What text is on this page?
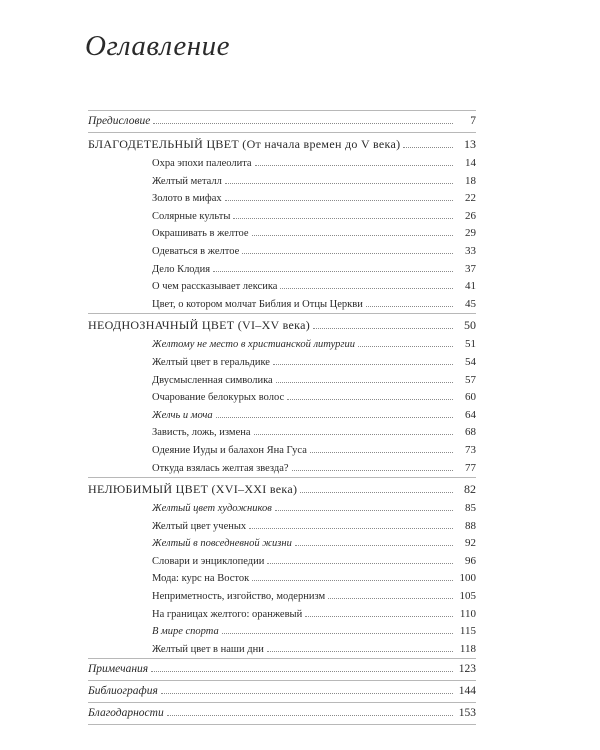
Оглавление
Предисловие	7
БЛАГОДЕТЕЛЬНЫЙ ЦВЕТ (От начала времен до V века)	13
Охра эпохи палеолита	14
Желтый металл	18
Золото в мифах	22
Солярные культы	26
Окрашивать в желтое	29
Одеваться в желтое	33
Дело Клодия	37
О чем рассказывает лексика	41
Цвет, о котором молчат Библия и Отцы Церкви	45
НЕОДНОЗНАЧНЫЙ ЦВЕТ (VI–XV века)	50
Желтому не место в христианской литургии	51
Желтый цвет в геральдике	54
Двусмысленная символика	57
Очарование белокурых волос	60
Желчь и моча	64
Зависть, ложь, измена	68
Одеяние Иуды и балахон Яна Гуса	73
Откуда взялась желтая звезда?	77
НЕЛЮБИМЫЙ ЦВЕТ (XVI–XXI века)	82
Желтый цвет художников	85
Желтый цвет ученых	88
Желтый в повседневной жизни	92
Словари и энциклопедии	96
Мода: курс на Восток	100
Неприметность, изгойство, модернизм	105
На границах желтого: оранжевый	110
В мире спорта	115
Желтый цвет в наши дни	118
Примечания	123
Библиография	144
Благодарности	153
